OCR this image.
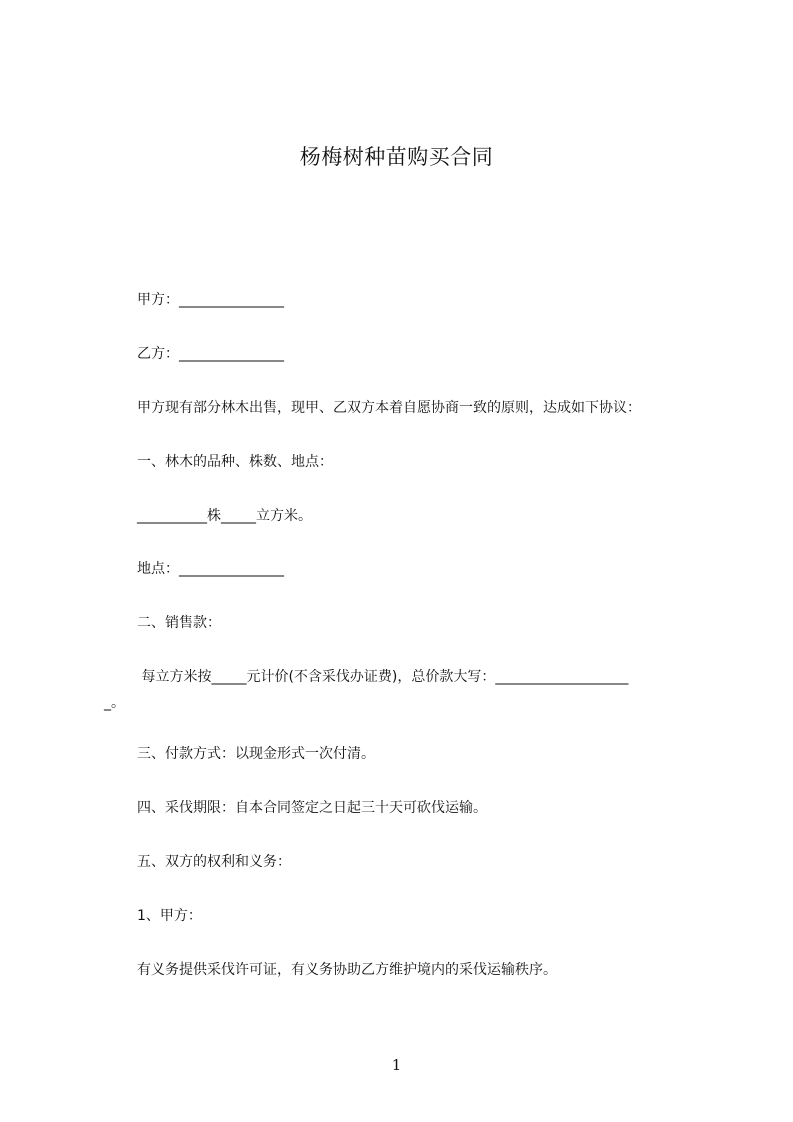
杨梅树种苗购买合同
甲方：_______________
乙方：_______________
甲方现有部分林木出售，现甲、乙双方本着自愿协商一致的原则，达成如下协议：
一、林木的品种、株数、地点：
__________株_____立方米。
地点：_______________
二、销售款：
每立方米按_____元计价(不含采伐办证费)，总价款大写：___________________
_。
三、付款方式：以现金形式一次付清。
四、采伐期限：自本合同签定之日起三十天可砍伐运输。
五、双方的权利和义务：
1、甲方：
有义务提供采伐许可证，有义务协助乙方维护境内的采伐运输秩序。
1
